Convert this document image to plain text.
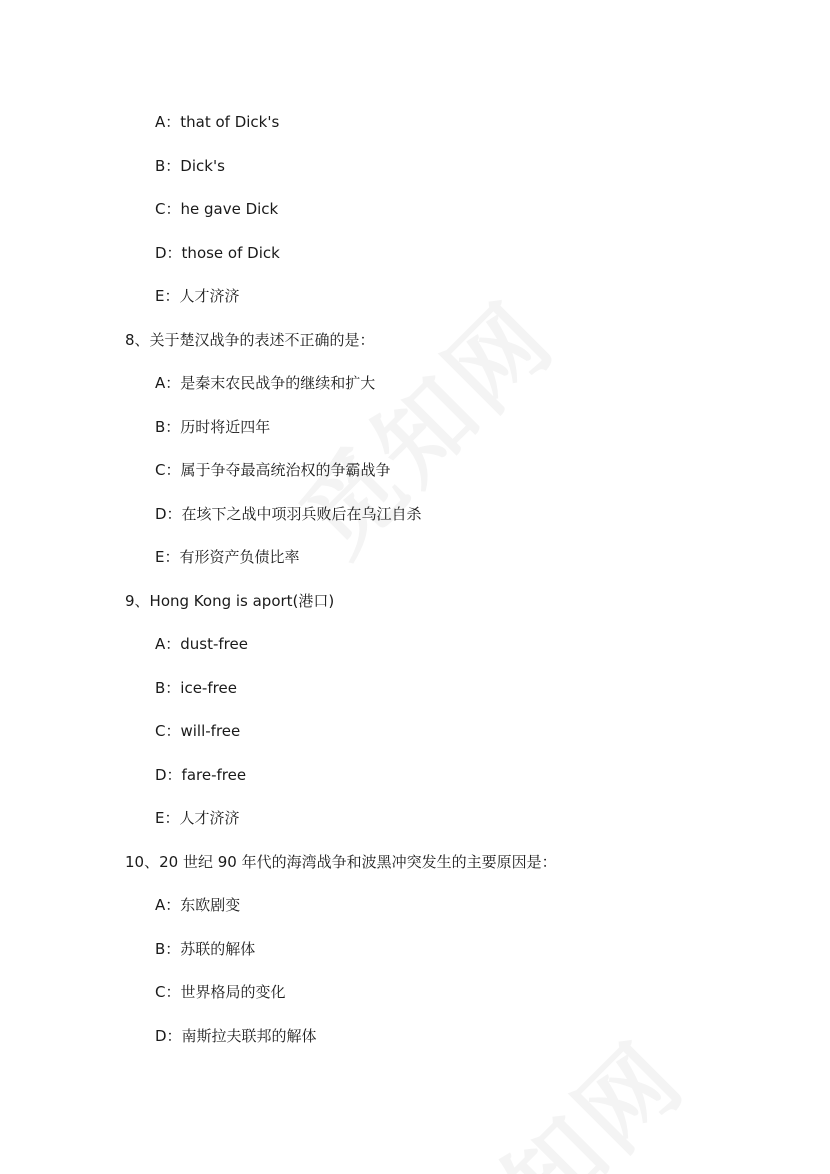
A：that of Dick's
B：Dick's
C：he gave Dick
D：those of Dick
E：人才济济
8、关于楚汉战争的表述不正确的是：
A：是秦末农民战争的继续和扩大
B：历时将近四年
C：属于争夺最高统治权的争霸战争
D：在垓下之战中项羽兵败后在乌江自杀
E：有形资产负债比率
9、Hong Kong is aport(港口)
A：dust-free
B：ice-free
C：will-free
D：fare-free
E：人才济济
10、20 世纪 90 年代的海湾战争和波黑冲突发生的主要原因是：
A：东欧剧变
B：苏联的解体
C：世界格局的变化
D：南斯拉夫联邦的解体
